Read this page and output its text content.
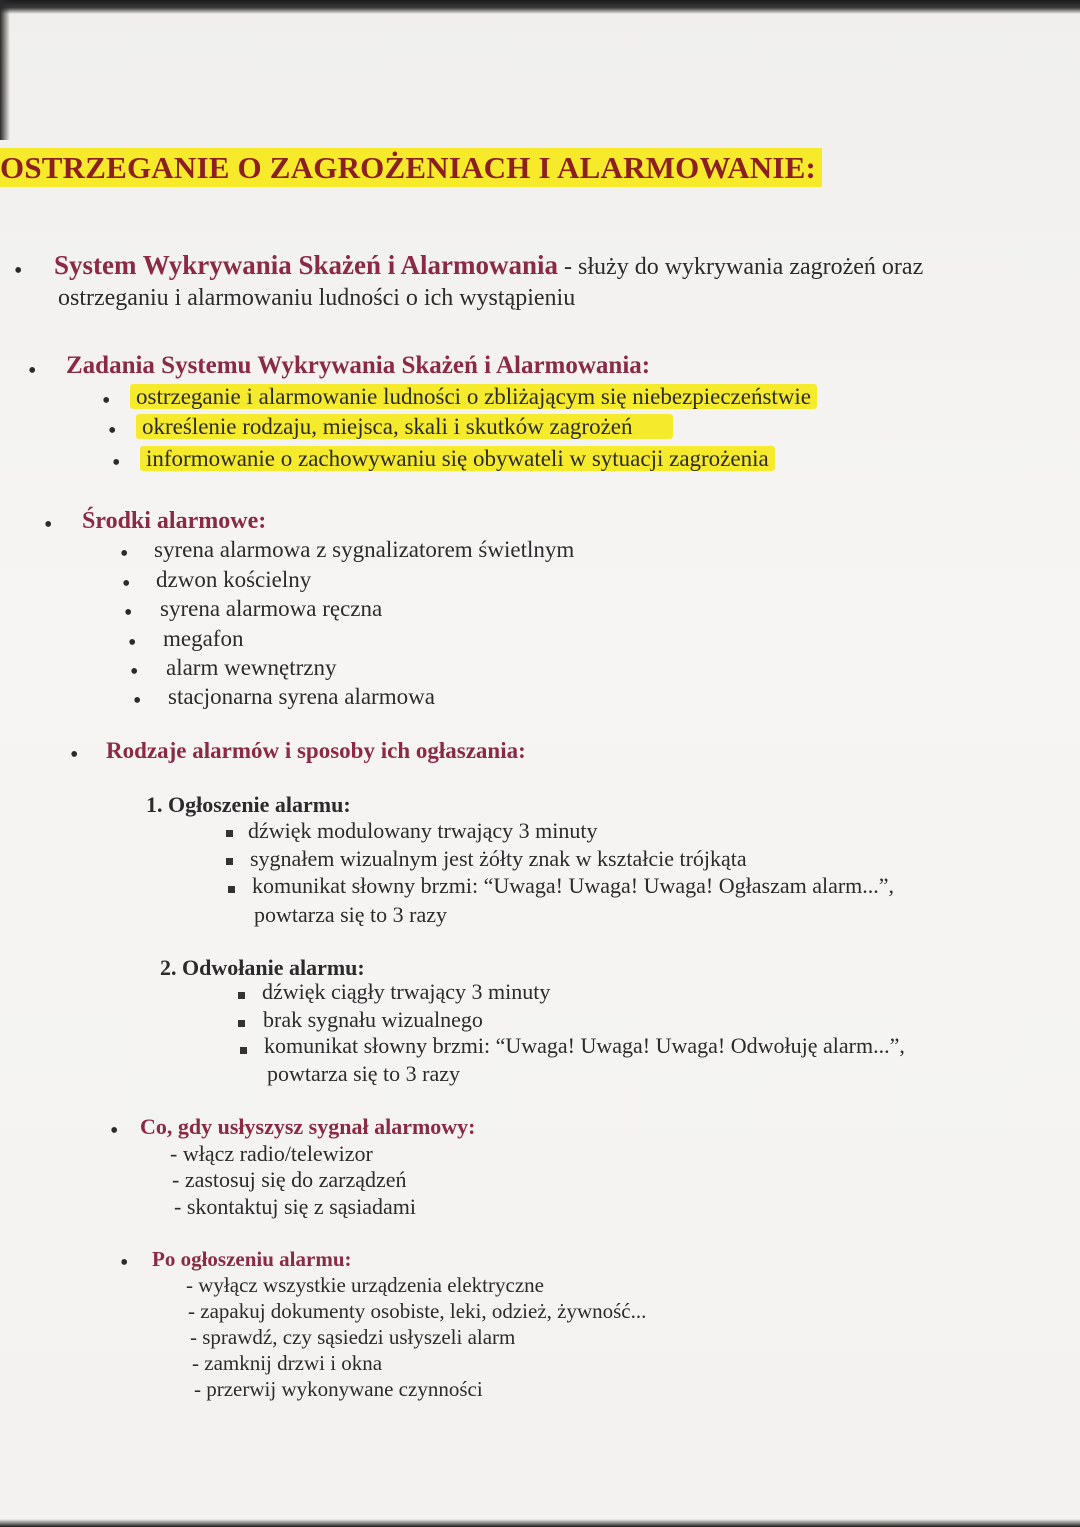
OSTRZEGANIE O ZAGROŻENIACH I ALARMOWANIE:
• System Wykrywania Skażeń i Alarmowania - służy do wykrywania zagrożeń oraz
ostrzeganiu i alarmowaniu ludności o ich wystąpieniu
• Zadania Systemu Wykrywania Skażeń i Alarmowania:
• ostrzeganie i alarmowanie ludności o zbliżającym się niebezpieczeństwie
• określenie rodzaju, miejsca, skali i skutków zagrożeń
• informowanie o zachowywaniu się obywateli w sytuacji zagrożenia
• Środki alarmowe:
• syrena alarmowa z sygnalizatorem świetlnym
• dzwon kościelny
• syrena alarmowa ręczna
• megafon
• alarm wewnętrzny
• stacjonarna syrena alarmowa
• Rodzaje alarmów i sposoby ich ogłaszania:
1. Ogłoszenie alarmu:
dźwięk modulowany trwający 3 minuty
sygnałem wizualnym jest żółty znak w kształcie trójkąta
komunikat słowny brzmi: “Uwaga! Uwaga! Uwaga! Ogłaszam alarm...”,
powtarza się to 3 razy
2. Odwołanie alarmu:
dźwięk ciągły trwający 3 minuty
brak sygnału wizualnego
komunikat słowny brzmi: “Uwaga! Uwaga! Uwaga! Odwołuję alarm...”,
powtarza się to 3 razy
• Co, gdy usłyszysz sygnał alarmowy:
- włącz radio/telewizor
- zastosuj się do zarządzeń
- skontaktuj się z sąsiadami
• Po ogłoszeniu alarmu:
- wyłącz wszystkie urządzenia elektryczne
- zapakuj dokumenty osobiste, leki, odzież, żywność...
- sprawdź, czy sąsiedzi usłyszeli alarm
- zamknij drzwi i okna
- przerwij wykonywane czynności
